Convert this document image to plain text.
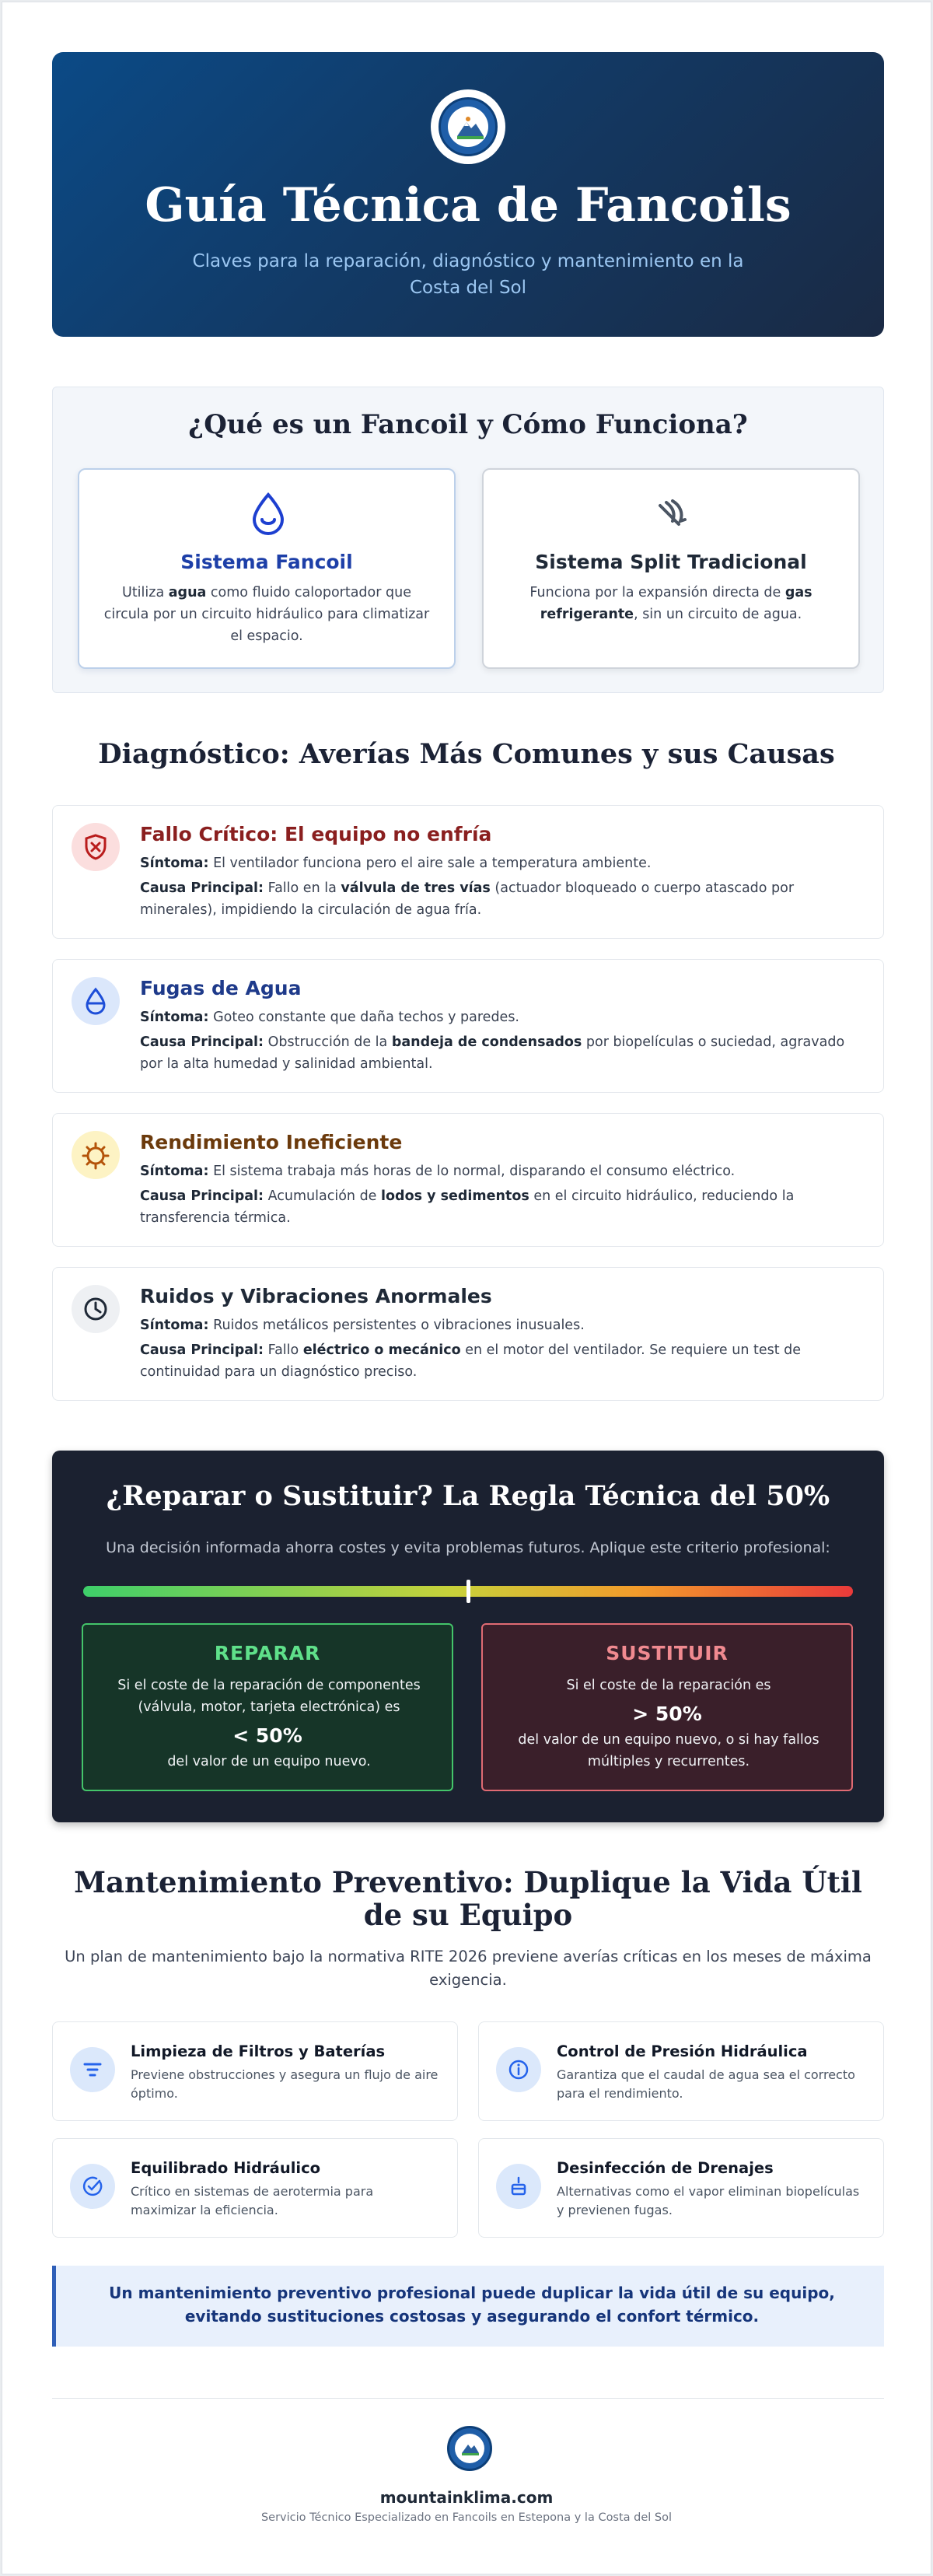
Guía Técnica de Fancoils

Claves para la reparación, diagnóstico y mantenimiento en la Costa del Sol

¿Qué es un Fancoil y Cómo Funciona?
Sistema Fancoil

Utiliza agua como fluido caloportador que circula por un circuito hidráulico para climatizar el espacio.

Sistema Split Tradicional

Funciona por la expansión directa de gas refrigerante, sin un circuito de agua.

Diagnóstico: Averías Más Comunes y sus Causas
Fallo Crítico: El equipo no enfría
Síntoma: El ventilador funciona pero el aire sale a temperatura ambiente.
Causa Principal: Fallo en la válvula de tres vías (actuador bloqueado o cuerpo atascado por minerales), impidiendo la circulación de agua fría.
Fugas de Agua
Síntoma: Goteo constante que daña techos y paredes.
Causa Principal: Obstrucción de la bandeja de condensados por biopelículas o suciedad, agravado por la alta humedad y salinidad ambiental.
Rendimiento Ineficiente
Síntoma: El sistema trabaja más horas de lo normal, disparando el consumo eléctrico.
Causa Principal: Acumulación de lodos y sedimentos en el circuito hidráulico, reduciendo la transferencia térmica.
Ruidos y Vibraciones Anormales
Síntoma: Ruidos metálicos persistentes o vibraciones inusuales.
Causa Principal: Fallo eléctrico o mecánico en el motor del ventilador. Se requiere un test de continuidad para un diagnóstico preciso.
¿Reparar o Sustituir? La Regla Técnica del 50%
Una decisión informada ahorra costes y evita problemas futuros. Aplique este criterio profesional:
REPARAR
Si el coste de la reparación de componentes (válvula, motor, tarjeta electrónica) es
< 50%
del valor de un equipo nuevo.
SUSTITUIR
Si el coste de la reparación es
> 50%
del valor de un equipo nuevo, o si hay fallos múltiples y recurrentes.
Mantenimiento Preventivo: Duplique la Vida Útil de su Equipo

Un plan de mantenimiento bajo la normativa RITE 2026 previene averías críticas en los meses de máxima exigencia.

Limpieza de Filtros y Baterías

Previene obstrucciones y asegura un flujo de aire óptimo.

Control de Presión Hidráulica

Garantiza que el caudal de agua sea el correcto para el rendimiento.

Equilibrado Hidráulico

Crítico en sistemas de aerotermia para maximizar la eficiencia.

Desinfección de Drenajes

Alternativas como el vapor eliminan biopelículas y previenen fugas.

Un mantenimiento preventivo profesional puede duplicar la vida útil de su equipo, evitando sustituciones costosas y asegurando el confort térmico.

mountainklima.com
Servicio Técnico Especializado en Fancoils en Estepona y la Costa del Sol
